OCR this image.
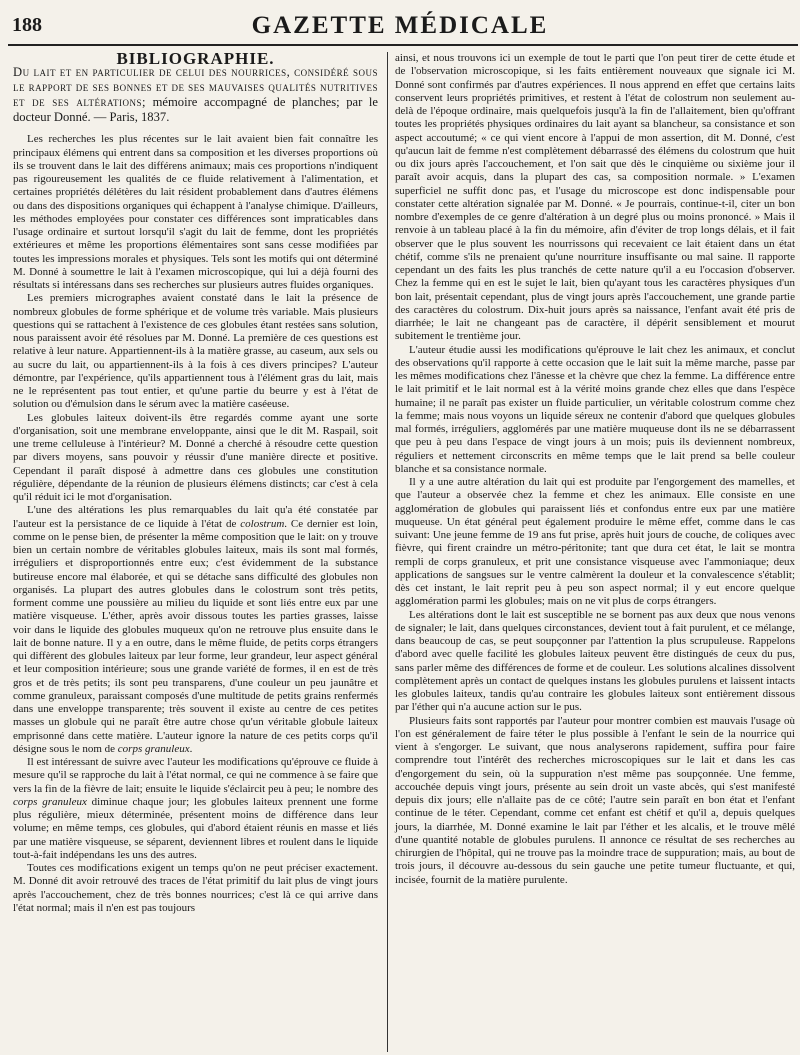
188	GAZETTE MÉDICALE

BIBLIOGRAPHIE.

Du lait et en particulier de celui des nourrices, considéré sous le rapport de ses bonnes et de ses mauvaises qualités nutritives et de ses altérations; mémoire accompagné de planches; par le docteur Donné. — Paris, 1837.

Les recherches les plus récentes sur le lait avaient bien fait connaître les principaux élémens qui entrent dans sa composition et les diverses proportions où ils se trouvent dans le lait des différens animaux; mais ces proportions n'indiquent pas rigoureusement les qualités de ce fluide relativement à l'alimentation, et certaines propriétés délétères du lait résident probablement dans d'autres élémens ou dans des dispositions organiques qui échappent à l'analyse chimique. D'ailleurs, les méthodes employées pour constater ces différences sont impraticables dans l'usage ordinaire et surtout lorsqu'il s'agit du lait de femme, dont les propriétés extérieures et même les proportions élémentaires sont sans cesse modifiées par toutes les impressions morales et physiques. Tels sont les motifs qui ont déterminé M. Donné à soumettre le lait à l'examen microscopique, qui lui a déjà fourni des résultats si intéressans dans ses recherches sur plusieurs autres fluides organiques.

Les premiers micrographes avaient constaté dans le lait la présence de nombreux globules de forme sphérique et de volume très variable. Mais plusieurs questions qui se rattachent à l'existence de ces globules étant restées sans solution, nous paraissent avoir été résolues par M. Donné. La première de ces questions est relative à leur nature. Appartiennent-ils à la matière grasse, au caseum, aux sels ou au sucre du lait, ou appartiennent-ils à la fois à ces divers principes? L'auteur démontre, par l'expérience, qu'ils appartiennent tous à l'élément gras du lait, mais ne le représentent pas tout entier, et qu'une partie du beurre y est à l'état de solution ou d'émulsion dans le sérum avec la matière caséeuse.

Les globules laiteux doivent-ils être regardés comme ayant une sorte d'organisation, soit une membrane enveloppante, ainsi que le dit M. Raspail, soit une treme celluleuse à l'intérieur? M. Donné a cherché à résoudre cette question par divers moyens, sans pouvoir y réussir d'une manière directe et positive. Cependant il paraît disposé à admettre dans ces globules une constitution régulière, dépendante de la réunion de plusieurs élémens distincts; car c'est à cela qu'il réduit ici le mot d'organisation.

L'une des altérations les plus remarquables du lait qu'a été constatée par l'auteur est la persistance de ce liquide à l'état de colostrum. Ce dernier est loin, comme on le pense bien, de présenter la même composition que le lait: on y trouve bien un certain nombre de véritables globules laiteux, mais ils sont mal formés, irréguliers et disproportionnés entre eux; c'est évidemment de la substance butireuse encore mal élaborée, et qui se détache sans difficulté des globules non organisés. La plupart des autres globules dans le colostrum sont très petits, forment comme une poussière au milieu du liquide et sont liés entre eux par une matière visqueuse. L'éther, après avoir dissous toutes les parties grasses, laisse voir dans le liquide des globules muqueux qu'on ne retrouve plus ensuite dans le lait de bonne nature. Il y a en outre, dans le même fluide, de petits corps étrangers qui diffèrent des globules laiteux par leur forme, leur grandeur, leur aspect général et leur composition intérieure; sous une grande variété de formes, il en est de très gros et de très petits; ils sont peu transparens, d'une couleur un peu jaunâtre et comme granuleux, paraissant composés d'une multitude de petits grains renfermés dans une enveloppe transparente; très souvent il existe au centre de ces petites masses un globule qui ne paraît être autre chose qu'un véritable globule laiteux emprisonné dans cette matière. L'auteur ignore la nature de ces petits corps qu'il désigne sous le nom de corps granuleux.

Il est intéressant de suivre avec l'auteur les modifications qu'éprouve ce fluide à mesure qu'il se rapproche du lait à l'état normal, ce qui ne commence à se faire que vers la fin de la fièvre de lait; ensuite le liquide s'éclaircit peu à peu; le nombre des corps granuleux diminue chaque jour; les globules laiteux prennent une forme plus régulière, mieux déterminée, présentent moins de différence dans leur volume; en même temps, ces globules, qui d'abord étaient réunis en masse et liés par une matière visqueuse, se séparent, deviennent libres et roulent dans le liquide tout-à-fait indépendans les uns des autres.

Toutes ces modifications exigent un temps qu'on ne peut préciser exactement. M. Donné dit avoir retrouvé des traces de l'état primitif du lait plus de vingt jours après l'accouchement, chez de très bonnes nourrices; c'est là ce qui arrive dans l'état normal; mais il n'en est pas toujours

ainsi, et nous trouvons ici un exemple de tout le parti que l'on peut tirer de cette étude et de l'observation microscopique, si les faits entièrement nouveaux que signale ici M. Donné sont confirmés par d'autres expériences. Il nous apprend en effet que certains laits conservent leurs propriétés primitives, et restent à l'état de colostrum non seulement au-delà de l'époque ordinaire, mais quelquefois jusqu'à la fin de l'allaitement, bien qu'offrant toutes les propriétés physiques ordinaires du lait ayant sa blancheur, sa consistance et son aspect accoutumé; « ce qui vient encore à l'appui de mon assertion, dit M. Donné, c'est qu'aucun lait de femme n'est complètement débarrassé des élémens du colostrum que huit ou dix jours après l'accouchement, et l'on sait que dès le cinquième ou sixième jour il paraît avoir acquis, dans la plupart des cas, sa composition normale. » L'examen superficiel ne suffit donc pas, et l'usage du microscope est donc indispensable pour constater cette altération signalée par M. Donné. « Je pourrais, continue-t-il, citer un bon nombre d'exemples de ce genre d'altération à un degré plus ou moins prononcé. » Mais il renvoie à un tableau placé à la fin du mémoire, afin d'éviter de trop longs délais, et il fait observer que le plus souvent les nourrissons qui recevaient ce lait étaient dans un état chétif, comme s'ils ne prenaient qu'une nourriture insuffisante ou mal saine. Il rapporte cependant un des faits les plus tranchés de cette nature qu'il a eu l'occasion d'observer. Chez la femme qui en est le sujet le lait, bien qu'ayant tous les caractères physiques d'un bon lait, présentait cependant, plus de vingt jours après l'accouchement, une grande partie des caractères du colostrum. Dix-huit jours après sa naissance, l'enfant avait été pris de diarrhée; le lait ne changeant pas de caractère, il dépérit sensiblement et mourut subitement le trentième jour.

L'auteur étudie aussi les modifications qu'éprouve le lait chez les animaux, et conclut des observations qu'il rapporte à cette occasion que le lait suit la même marche, passe par les mêmes modifications chez l'ânesse et la chèvre que chez la femme. La différence entre le lait primitif et le lait normal est à la vérité moins grande chez elles que dans l'espèce humaine; il ne paraît pas exister un fluide particulier, un véritable colostrum comme chez la femme; mais nous voyons un liquide séreux ne contenir d'abord que quelques globules mal formés, irréguliers, agglomérés par une matière muqueuse dont ils ne se débarrassent que peu à peu dans l'espace de vingt jours à un mois; puis ils deviennent nombreux, réguliers et nettement circonscrits en même temps que le lait prend sa belle couleur blanche et sa consistance normale.

Il y a une autre altération du lait qui est produite par l'engorgement des mamelles, et que l'auteur a observée chez la femme et chez les animaux. Elle consiste en une agglomération de globules qui paraissent liés et confondus entre eux par une matière muqueuse. Un état général peut également produire le même effet, comme dans le cas suivant: Une jeune femme de 19 ans fut prise, après huit jours de couche, de coliques avec fièvre, qui firent craindre un métro-péritonite; tant que dura cet état, le lait se montra rempli de corps granuleux, et prit une consistance visqueuse avec l'ammoniaque; deux applications de sangsues sur le ventre calmèrent la douleur et la convalescence s'établit; dès cet instant, le lait reprit peu à peu son aspect normal; il y eut encore quelque agglomération parmi les globules; mais on ne vit plus de corps étrangers.

Les altérations dont le lait est susceptible ne se bornent pas aux deux que nous venons de signaler; le lait, dans quelques circonstances, devient tout à fait purulent, et ce mélange, dans beaucoup de cas, se peut soupçonner par l'attention la plus scrupuleuse. Rappelons d'abord avec quelle facilité les globules laiteux peuvent être distingués de ceux du pus, sans parler même des différences de forme et de couleur. Les solutions alcalines dissolvent complètement après un contact de quelques instans les globules purulens et laissent intacts les globules laiteux, tandis qu'au contraire les globules laiteux sont entièrement dissous par l'éther qui n'a aucune action sur le pus.

Plusieurs faits sont rapportés par l'auteur pour montrer combien est mauvais l'usage où l'on est généralement de faire téter le plus possible à l'enfant le sein de la nourrice qui vient à s'engorger. Le suivant, que nous analyserons rapidement, suffira pour faire comprendre tout l'intérêt des recherches microscopiques sur le lait et dans les cas d'engorgement du sein, où la suppuration n'est même pas soupçonnée. Une femme, accouchée depuis vingt jours, présente au sein droit un vaste abcès, qui s'est manifesté depuis dix jours; elle n'allaite pas de ce côté; l'autre sein paraît en bon état et l'enfant continue de le téter. Cependant, comme cet enfant est chétif et qu'il a, depuis quelques jours, la diarrhée, M. Donné examine le lait par l'éther et les alcalis, et le trouve mêlé d'une quantité notable de globules purulens. Il annonce ce résultat de ses recherches au chirurgien de l'hôpital, qui ne trouve pas la moindre trace de suppuration; mais, au bout de trois jours, il découvre au-dessous du sein gauche une petite tumeur fluctuante, et qui, incisée, fournit de la matière purulente.
